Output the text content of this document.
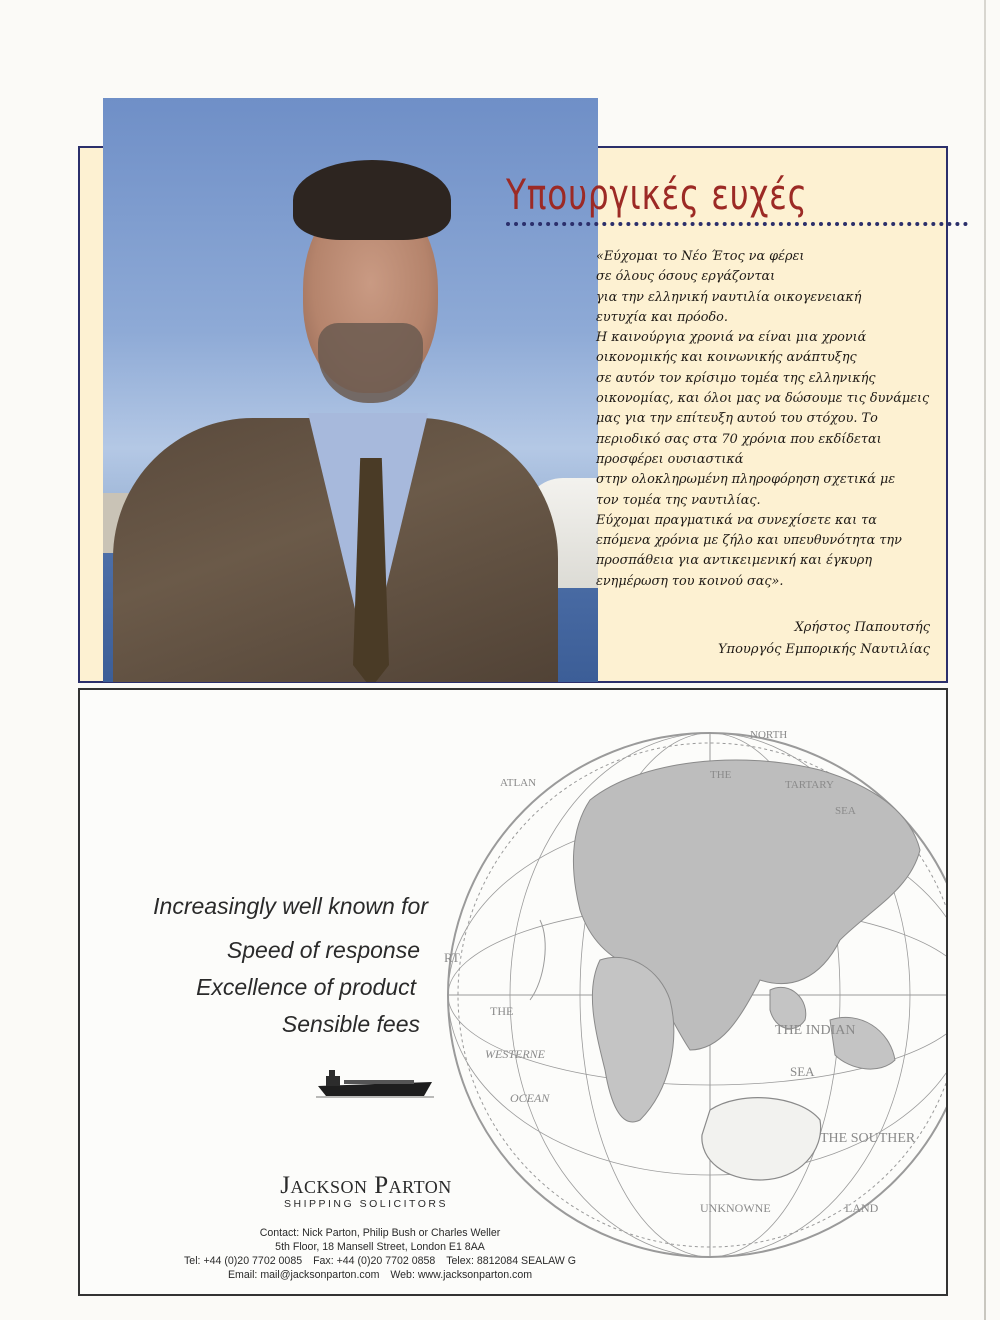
Υπουργικές ευχές
«Εύχομαι το Νέο Έτος να φέρει
σε όλους όσους εργάζονται
για την ελληνική ναυτιλία οικογενειακή
ευτυχία και πρόοδο.
Η καινούργια χρονιά να είναι μια χρονιά
οικονομικής και κοινωνικής ανάπτυξης
σε αυτόν τον κρίσιμο τομέα της ελληνικής
οικονομίας, και όλοι μας να δώσουμε τις δυνάμεις
μας για την επίτευξη αυτού του στόχου. Το
περιοδικό σας στα 70 χρόνια που εκδίδεται
προσφέρει ουσιαστικά
στην ολοκληρωμένη πληροφόρηση σχετικά με
τον τομέα της ναυτιλίας.
Εύχομαι πραγματικά να συνεχίσετε και τα
επόμενα χρόνια με ζήλο και υπευθυνότητα την
προσπάθεια για αντικειμενική και έγκυρη
ενημέρωση του κοινού σας».
Χρήστος Παπουτσής
Υπουργός Εμπορικής Ναυτιλίας
NORTH
THE
TARTARY
SEA
ATLAN
RT
THE
WESTERNE
OCEAN
THE INDIAN
SEA
THE SOUTHER
UNKNOWNE	LAND
Increasingly well known for
Speed of response
Excellence of product
Sensible fees
Jackson Parton
SHIPPING SOLICITORS
Contact: Nick Parton, Philip Bush or Charles Weller
5th Floor, 18 Mansell Street, London E1 8AA
Tel: +44 (0)20 7702 0085 Fax: +44 (0)20 7702 0858 Telex: 8812084 SEALAW G
Email: mail@jacksonparton.com Web: www.jacksonparton.com
